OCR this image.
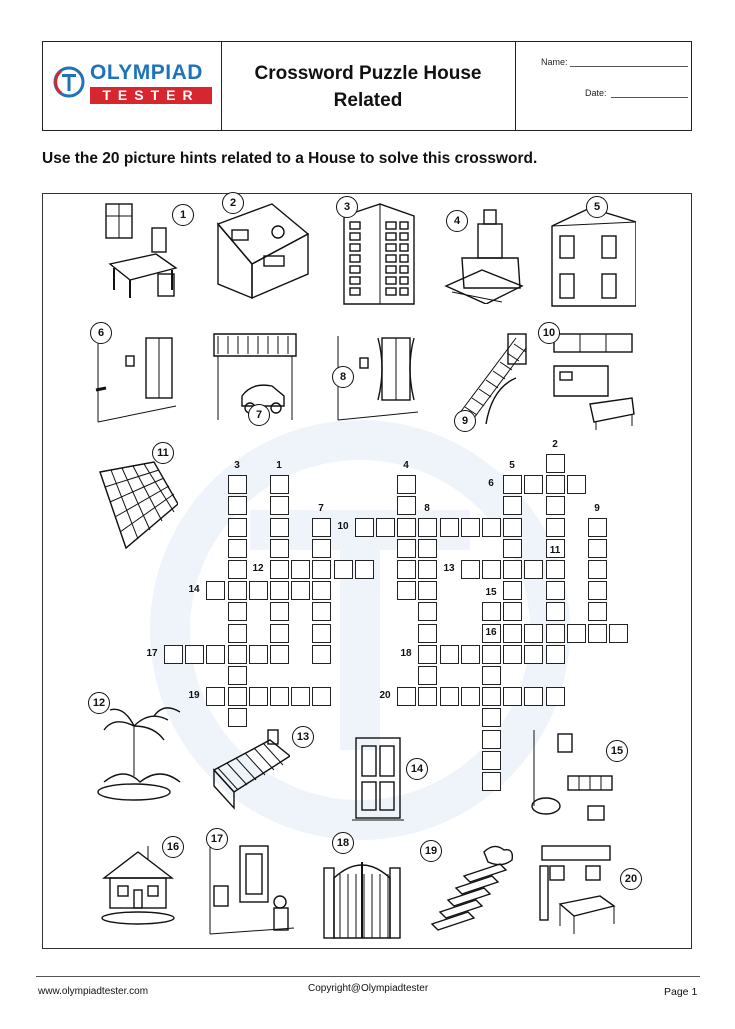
OLYMPIAD
TESTER
Crossword Puzzle House
Related
Name:
Date:
Use the 20 picture hints related to a House to solve this crossword.
1
2	3
4
5
6
7
8
9
10
11
12
13
14
15
16
17	18
19
20
1
2
3	4	5
6
7	8	9
10
11
12	13
14	15
16
17	18
19	20
www.olympiadtester.com	Copyright@Olympiadtester	Page 1
